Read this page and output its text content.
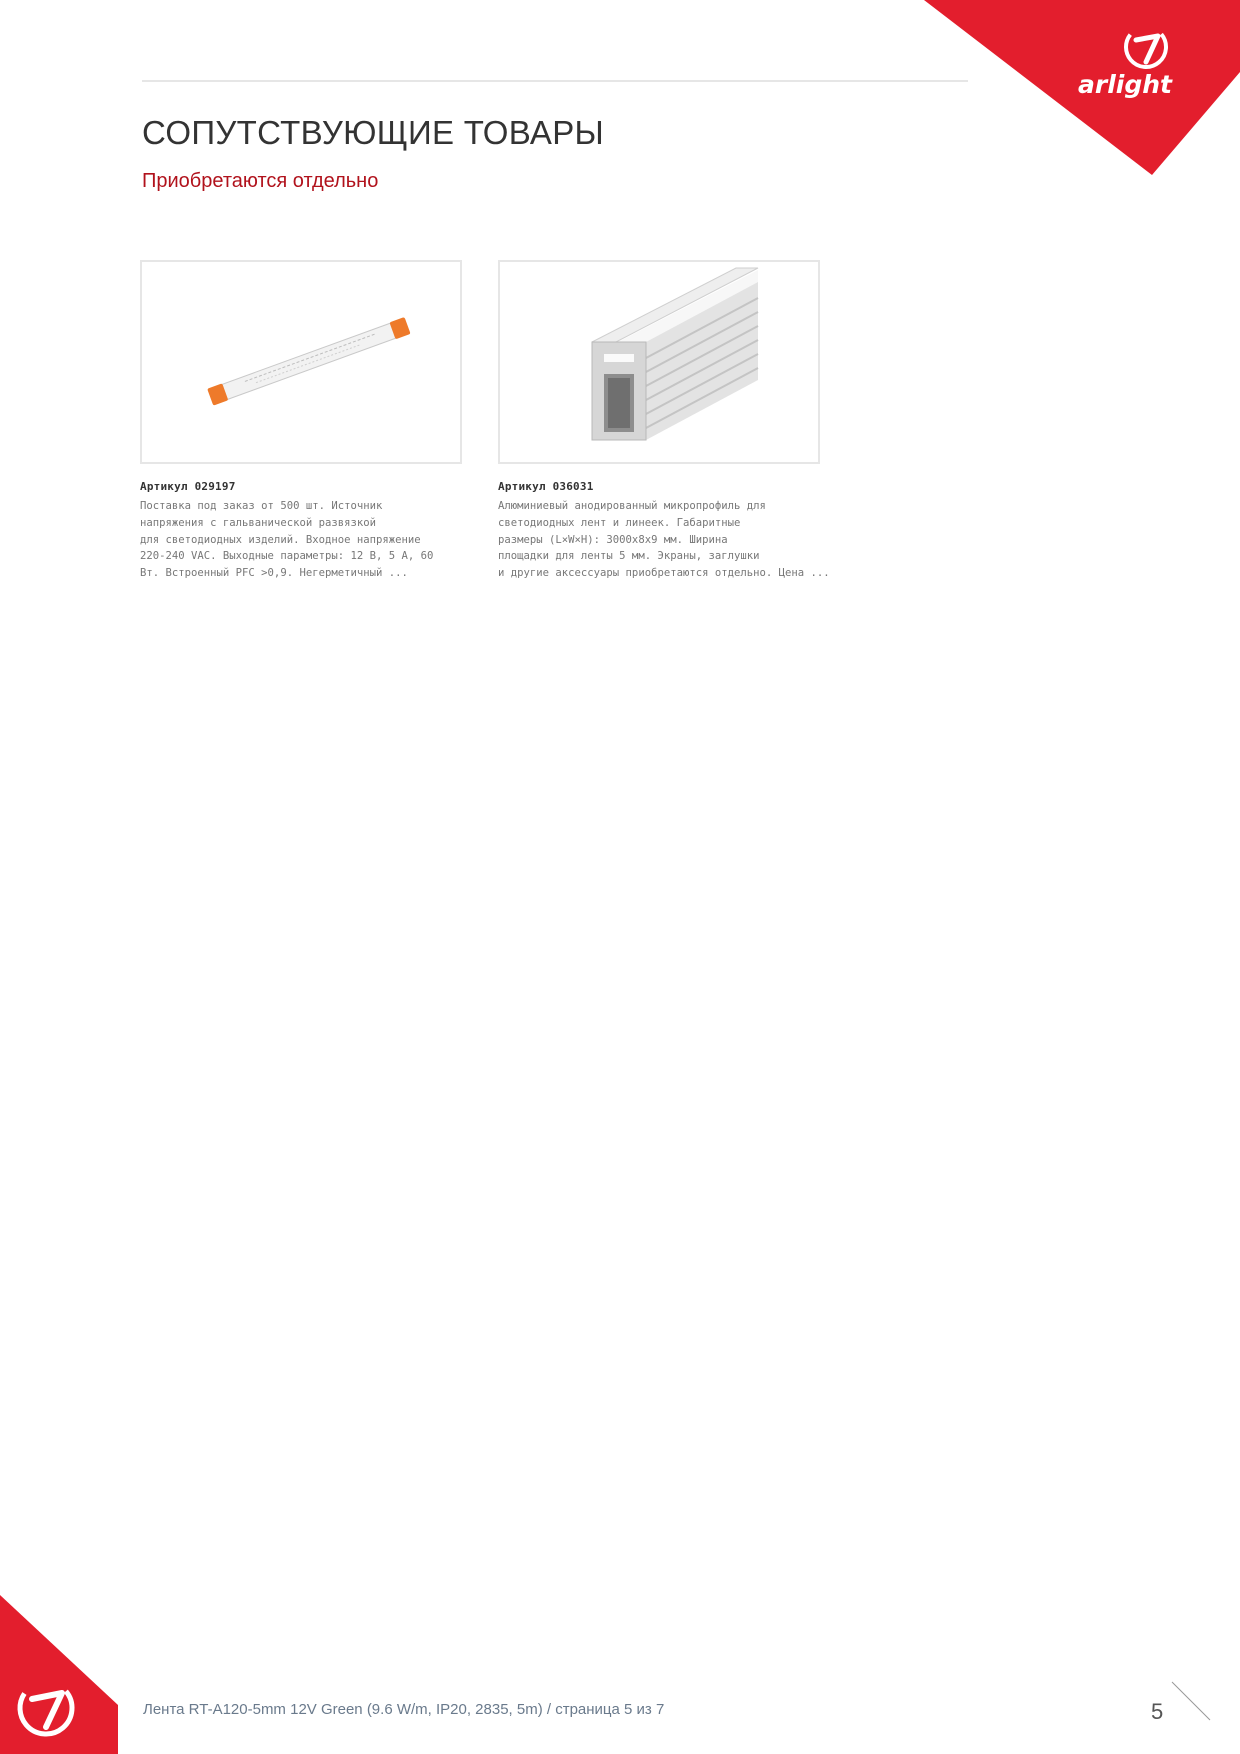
arlight
СОПУТСТВУЮЩИЕ ТОВАРЫ
Приобретаются отдельно
Артикул 029197
Поставка под заказ от 500 шт. Источник
напряжения с гальванической развязкой
для светодиодных изделий. Входное напряжение
220-240 VAC. Выходные параметры: 12 В, 5 А, 60
Вт. Встроенный PFC >0,9. Негерметичный ...
Артикул 036031
Алюминиевый анодированный микропрофиль для
светодиодных лент и линеек. Габаритные
размеры (L×W×H): 3000x8x9 мм. Ширина
площадки для ленты 5 мм. Экраны, заглушки
и другие аксессуары приобретаются отдельно. Цена ...
Лента RT-A120-5mm 12V Green (9.6 W/m, IP20, 2835, 5m) / страница 5 из 7	5
